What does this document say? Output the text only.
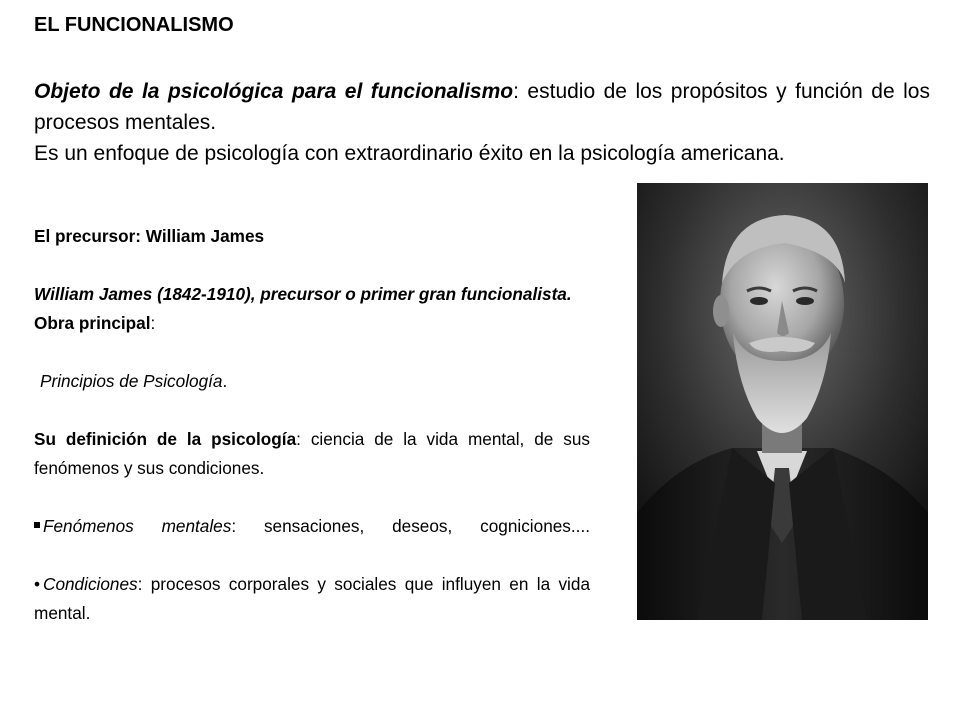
EL FUNCIONALISMO
Objeto de la psicológica para el funcionalismo: estudio de los propósitos y función de los procesos mentales.
Es un enfoque de psicología con extraordinario éxito en la psicología americana.
El precursor: William James
William James (1842-1910), precursor o primer gran funcionalista.
Obra principal:
Principios de Psicología.
Su definición de la psicología: ciencia de la vida mental, de sus fenómenos y sus condiciones.
Fenómenos mentales: sensaciones, deseos, cogniciones....
• Condiciones: procesos corporales y sociales que influyen en la vida mental.
